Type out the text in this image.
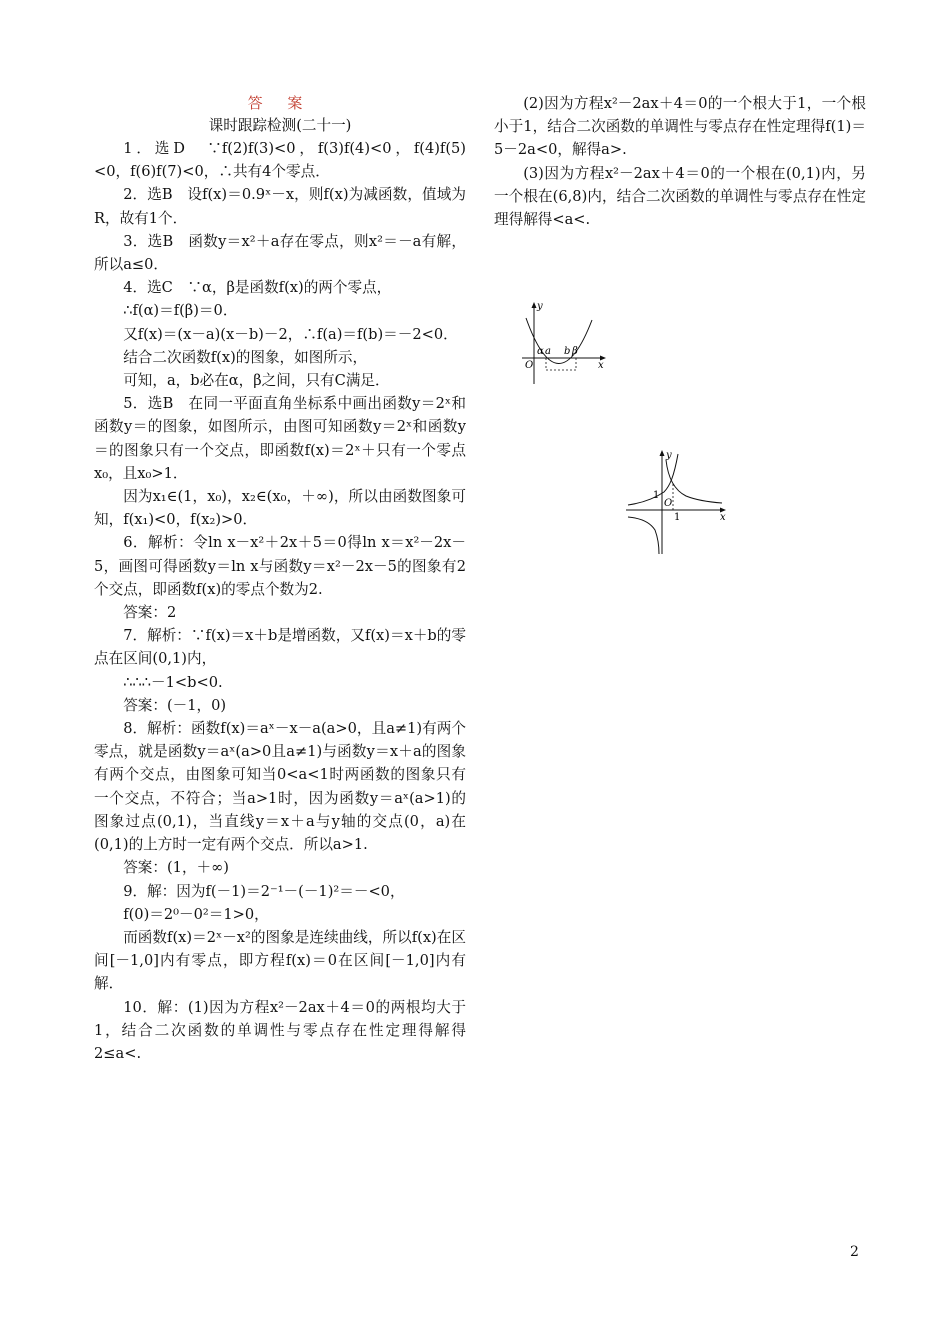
答 案
课时跟踪检测(二十一)

1．选D　∵f(2)f(3)<0，f(3)f(4)<0，f(4)f(5)<0，f(6)f(7)<0，∴共有4个零点．

2．选B　设f(x)＝0.9ˣ－x，则f(x)为减函数，值域为R，故有1个．

3．选B　函数y＝x²＋a存在零点，则x²＝－a有解，所以a≤0．

4．选C　∵α，β是函数f(x)的两个零点，

∴f(α)＝f(β)＝0．

又f(x)＝(x－a)(x－b)－2，∴f(a)＝f(b)＝－2<0．

结合二次函数f(x)的图象，如图所示，

可知，a，b必在α，β之间，只有C满足．

5．选B　在同一平面直角坐标系中画出函数y＝2ˣ和函数y＝的图象，如图所示，由图可知函数y＝2ˣ和函数y＝的图象只有一个交点，即函数f(x)＝2ˣ＋只有一个零点x₀，且x₀>1．

因为x₁∈(1，x₀)，x₂∈(x₀，＋∞)，所以由函数图象可知，f(x₁)<0，f(x₂)>0．

6．解析：令ln x－x²＋2x＋5＝0得ln x＝x²－2x－5，画图可得函数y＝ln x与函数y＝x²－2x－5的图象有2个交点，即函数f(x)的零点个数为2.

答案：2

7．解析：∵f(x)＝x＋b是增函数，又f(x)＝x＋b的零点在区间(0,1)内，

∴∴∴－1<b<0.

答案：(－1，0)

8．解析：函数f(x)＝aˣ－x－a(a>0，且a≠1)有两个零点，就是函数y＝aˣ(a>0且a≠1)与函数y＝x＋a的图象有两个交点，由图象可知当0<a<1时两函数的图象只有一个交点，不符合；当a>1时，因为函数y＝aˣ(a>1)的图象过点(0,1)，当直线y＝x＋a与y轴的交点(0，a)在(0,1)的上方时一定有两个交点．所以a>1.

答案：(1，＋∞)

9．解：因为f(－1)＝2⁻¹－(－1)²＝－<0，

f(0)＝2⁰－0²＝1>0，

而函数f(x)＝2ˣ－x²的图象是连续曲线，所以f(x)在区间[－1,0]内有零点，即方程f(x)＝0在区间[－1,0]内有解．

10．解：(1)因为方程x²－2ax＋4＝0的两根均大于1，结合二次函数的单调性与零点存在性定理得解得2≤a<.

(2)因为方程x²－2ax＋4＝0的一个根大于1，一个根小于1，结合二次函数的单调性与零点存在性定理得f(1)＝5－2a<0，解得a>.

(3)因为方程x²－2ax＋4＝0的一个根在(0,1)内，另一个根在(6,8)内，结合二次函数的单调性与零点存在性定理得解得<a<.

y
x
O
α a b β
y
x
O
1
1
2
